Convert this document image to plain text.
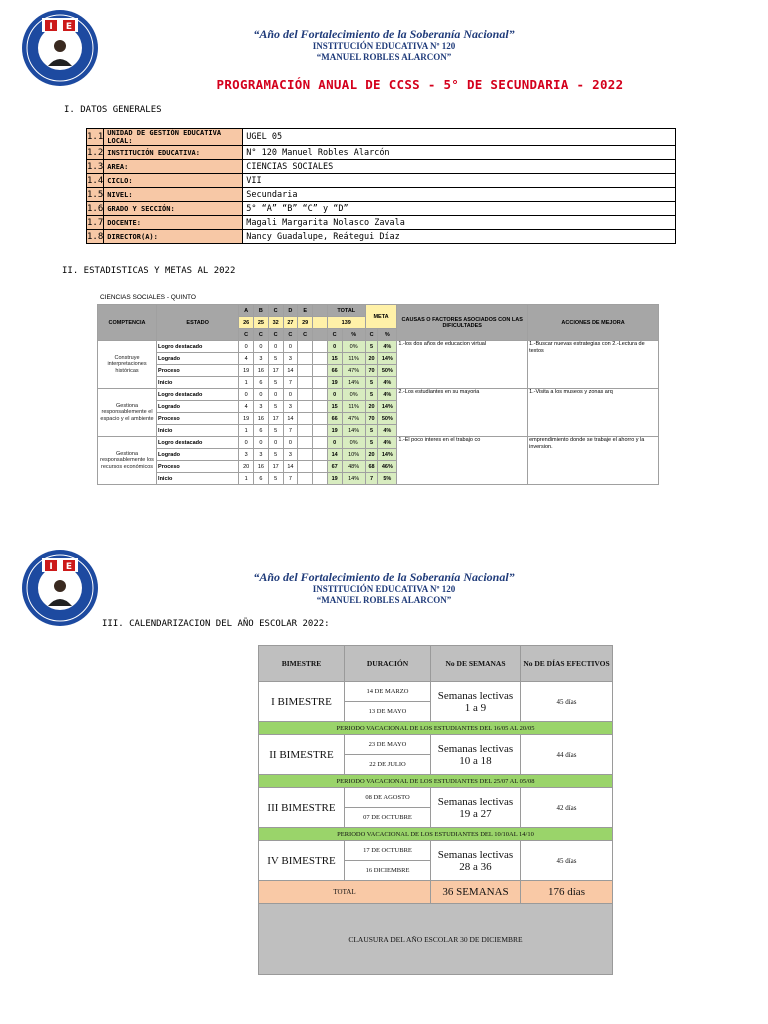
I E	“Año del Fortalecimiento de la Soberanía Nacional”
INSTITUCIÓN EDUCATIVA Nº 120
“MANUEL ROBLES ALARCON”
PROGRAMACIÓN ANUAL DE CCSS - 5° DE SECUNDARIA - 2022
I. DATOS GENERALES
1.1	UNIDAD DE GESTIÓN EDUCATIVA LOCAL:	UGEL 05
1.2	INSTITUCIÓN EDUCATIVA:	N° 120 Manuel Robles Alarcón
1.3	AREA:	CIENCIAS SOCIALES
1.4	CICLO:	VII
1.5	NIVEL:	Secundaria
1.6	GRADO Y SECCIÓN:	5° “A” “B” “C” y “D”
1.7	DOCENTE:	Magali Margarita Nolasco Zavala
1.8	DIRECTOR(A):	Nancy Guadalupe, Reátegui Díaz
II. ESTADISTICAS Y METAS AL 2022
CIENCIAS SOCIALES - QUINTO
COMPTENCIA	ESTADO	A	B	C	D	E		TOTAL		META		CAUSAS O FACTORES ASOCIADOS CON LAS DIFICULTADES	ACCIONES DE MEJORA
		26	25	32	27	29		139					
		C	C	C	C	C		C	%	C	%		
Construye interpretaciones históricas	Logro destacado	0	0	0	0			0	0%	5	4%	1.-los dos años de educacion virtual	1.-Buscar nuevas estrategias con 2.-Lectura de textos
	Logrado	4	3	5	3			15	11%	20	14%		
	Proceso	19	16	17	14			66	47%	70	50%		
	Inicio	1	6	5	7			19	14%	5	4%		
Gestiona responsablemente el espacio y el ambiente	Logro destacado	0	0	0	0			0	0%	5	4%	2.-Los estudiantes en su mayoria	1.-Visita a los museos y zonas arq
	Logrado	4	3	5	3			15	11%	20	14%		
	Proceso	19	16	17	14			66	47%	70	50%		
	Inicio	1	6	5	7			19	14%	5	4%		
Gestiona responsablemente los recursos económicos	Logro destacado	0	0	0	0			0	0%	5	4%	1.-El poco interes en el trabajo co	emprendimiento donde se trabaje el ahorro y la inversion.
	Logrado	3	3	5	3			14	10%	20	14%		
	Proceso	20	16	17	14			67	48%	68	46%		
	Inicio	1	6	5	7			19	14%	7	5%		
I E
“Año del Fortalecimiento de la Soberanía Nacional”
INSTITUCIÓN EDUCATIVA Nº 120
“MANUEL ROBLES ALARCON”
III. CALENDARIZACION DEL AÑO ESCOLAR 2022:
BIMESTRE	DURACIÓN	No DE SEMANAS	No DE DÍAS EFECTIVOS
I BIMESTRE	14 DE MARZO	Semanas lectivas 1 a 9	45 días
	13 DE MAYO		
PERIODO VACACIONAL DE LOS ESTUDIANTES DEL 16/05 AL 20/05			
II BIMESTRE	23 DE MAYO	Semanas lectivas 10 a 18	44 días
	22 DE JULIO		
PERIODO VACACIONAL DE LOS ESTUDIANTES DEL 25/07 AL 05/08			
III BIMESTRE	08 DE AGOSTO	Semanas lectivas 19 a 27	42 días
	07 DE OCTUBRE		
PERIODO VACACIONAL DE LOS ESTUDIANTES DEL 10/10AL 14/10			
IV BIMESTRE	17 DE OCTUBRE	Semanas lectivas 28 a 36	45 días
	16 DICIEMBRE		
TOTAL		36 SEMANAS	176 días
CLAUSURA DEL AÑO ESCOLAR 30 DE DICIEMBRE			
